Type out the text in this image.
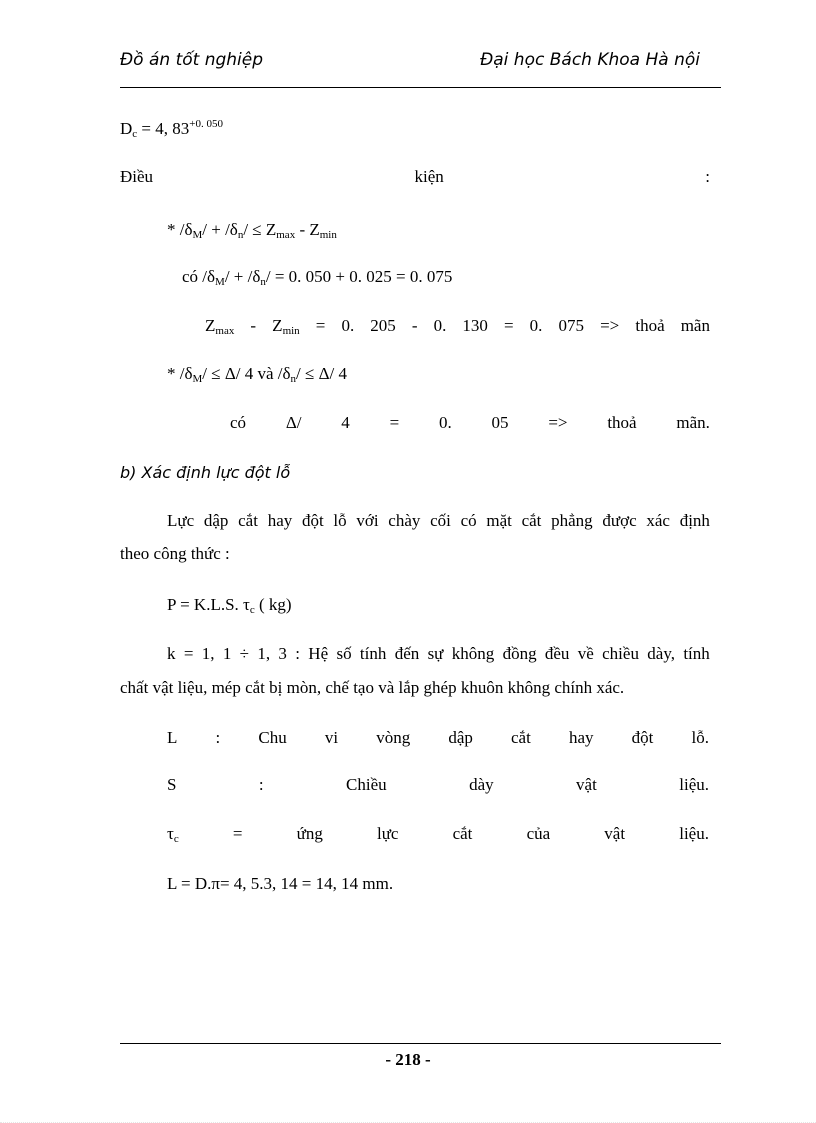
Đồ án tốt nghiệp	Đại học Bách Khoa Hà nội
$D_c = 4$, $83^{+0. 050}$
Điều	kiện	:
* $/\delta_M/ + /\delta_n/ \le Z_{max} - Z_{min}$
có $/\delta_M/ + /\delta_n/ = 0$. 050 + 0. 025 = 0. 075
$Z_{max} - Z_{min} = 0$. 205 - 0. 130 = 0. 075 => thoả mãn
* $/\delta_M/ \le \Delta/$ 4 và $/\delta_n/ \le \Delta/$ 4
có Δ/ 4 = 0. 05 => thoả mãn.
b) Xác định lực đột lỗ
Lực dập cắt hay đột lỗ với chày cối có mặt cắt phẳng được xác định
theo công thức :
P = K.L.S. $\tau_c$ ( kg)
k = 1, 1 ÷ 1, 3 : Hệ số tính đến sự không đồng đều về chiều dày, tính
chất vật liệu, mép cắt bị mòn, chế tạo và lắp ghép khuôn không chính xác.
L : Chu vi vòng dập cắt hay đột lỗ.
S	:	Chiều	dày	vật	liệu.
$\tau_c$	=	ứng	lực	cắt	của	vật	liệu.
L = D.π= 4, 5.3, 14 = 14, 14 mm.
- 218 -
